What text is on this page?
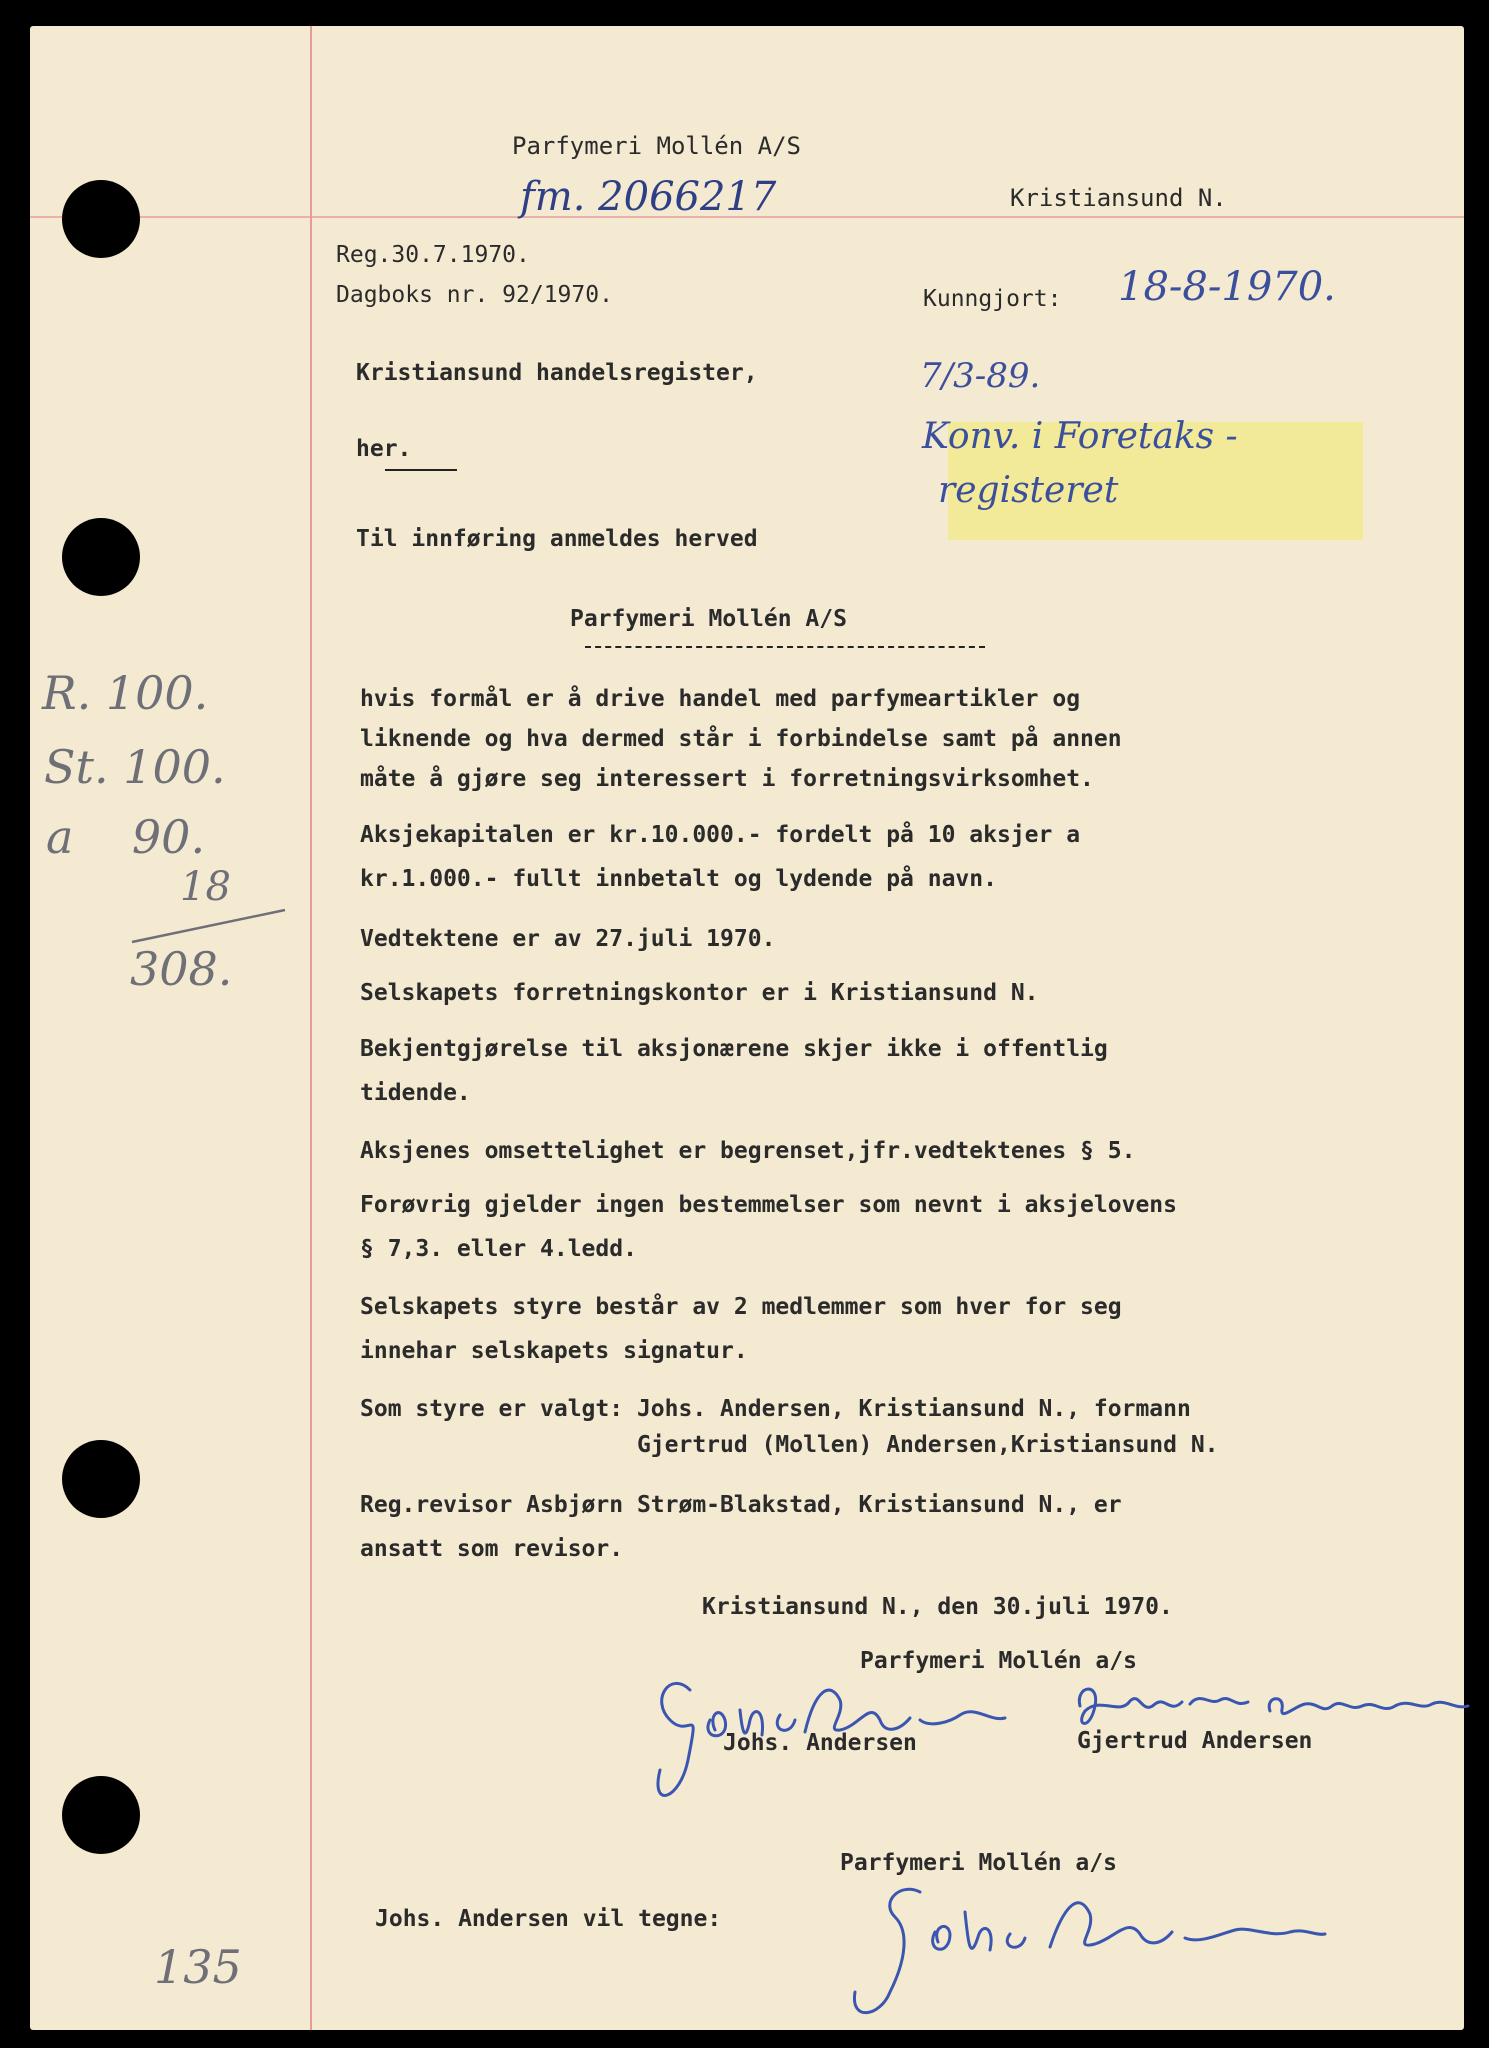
Parfymeri Mollén A/S
fm. 2066217	Kristiansund N.
Reg.30.7.1970.
Dagboks nr. 92/1970.	Kunngjort: 18-8-1970.
Kristiansund handelsregister,
her.
7/3-89.
Konv. i Foretaks -
registeret
Til innføring anmeldes herved
Parfymeri Mollén A/S
hvis formål er å drive handel med parfymeartikler og
liknende og hva dermed står i forbindelse samt på annen
måte å gjøre seg interessert i forretningsvirksomhet.
Aksjekapitalen er kr.10.000.- fordelt på 10 aksjer a
kr.1.000.- fullt innbetalt og lydende på navn.
Vedtektene er av 27.juli 1970.
Selskapets forretningskontor er i Kristiansund N.
Bekjentgjørelse til aksjonærene skjer ikke i offentlig
tidende.
Aksjenes omsettelighet er begrenset,jfr.vedtektenes § 5.
Forøvrig gjelder ingen bestemmelser som nevnt i aksjelovens
§ 7,3. eller 4.ledd.
Selskapets styre består av 2 medlemmer som hver for seg
innehar selskapets signatur.
Som styre er valgt: Johs. Andersen, Kristiansund N., formann
Gjertrud (Mollen) Andersen,Kristiansund N.
Reg.revisor Asbjørn Strøm-Blakstad, Kristiansund N., er
ansatt som revisor.
Kristiansund N., den 30.juli 1970.
Parfymeri Mollén a/s
Johs. Andersen	Gjertrud Andersen
Parfymeri Mollén a/s
Johs. Andersen vil tegne:
R. 100.
St. 100.
a    90.
18
308.
135
